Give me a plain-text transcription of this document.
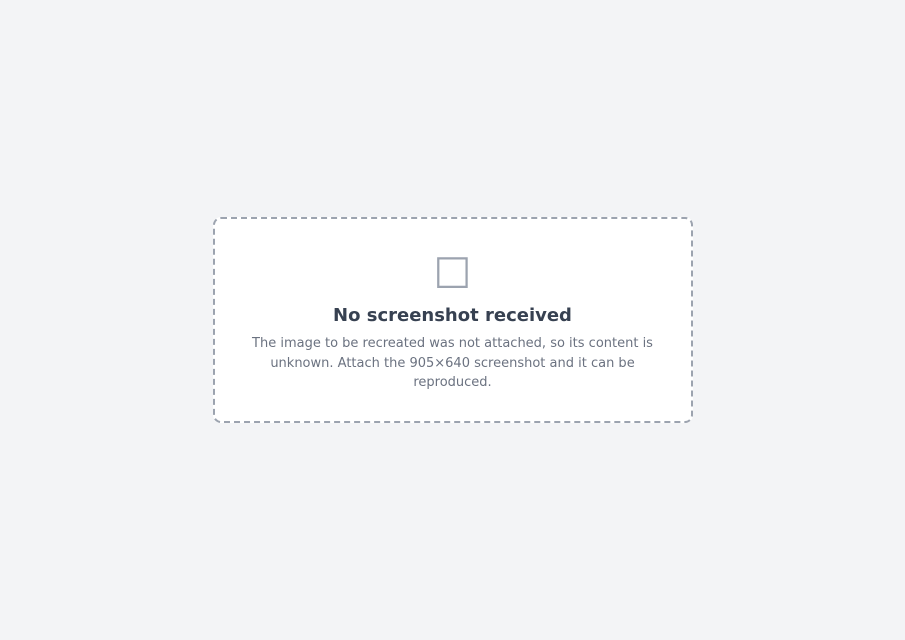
□

No screenshot received

The image to be recreated was not attached, so its content is unknown. Attach the 905×640 screenshot and it can be reproduced.
